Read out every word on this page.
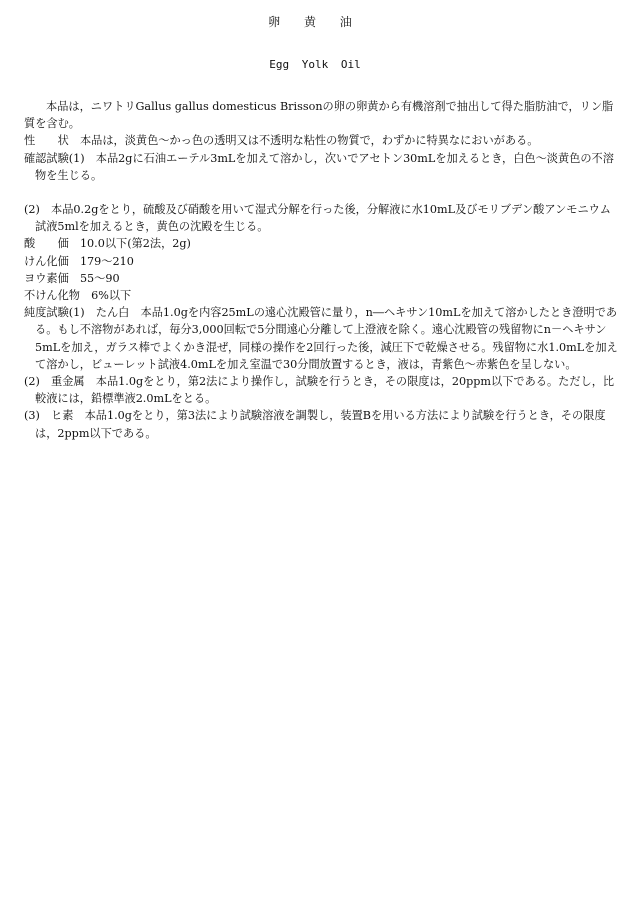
卵 黄 油
Egg Yolk Oil

本品は，ニワトリGallus gallus domesticus Brissonの卵の卵黄から有機溶剤で抽出して得た脂肪油で，リン脂質を含む。

性　　状　 本品は，淡黄色～かっ色の透明又は不透明な粘性の物質で，わずかに特異なにおいがある。

確認試験(1)　本品2gに石油エーテル3mLを加えて溶かし，次いでアセトン30mLを加えるとき，白色～淡黄色の不溶物を生じる。

(2)　本品0.2gをとり，硫酸及び硝酸を用いて湿式分解を行った後，分解液に水10mL及びモリブデン酸アンモニウム試液5mlを加えるとき，黄色の沈殿を生じる。

酸　　価　10.0以下(第2法，2g)

けん化価　179～210

ヨウ素価　55～90

不けん化物　6%以下

純度試験(1)　たん白　本品1.0gを内容25mLの遠心沈殿管に量り，n―ヘキサン10mLを加えて溶かしたとき澄明である。もし不溶物があれば，毎分3,000回転で5分間遠心分離して上澄液を除く。遠心沈殿管の残留物にn－ヘキサン5mLを加え，ガラス棒でよくかき混ぜ，同様の操作を2回行った後，減圧下で乾燥させる。残留物に水1.0mLを加えて溶かし，ビューレット試液4.0mLを加え室温で30分間放置するとき，液は，青紫色～赤紫色を呈しない。

(2)　重金属　本品1.0gをとり，第2法により操作し，試験を行うとき，その限度は，20ppm以下である。ただし，比較液には，鉛標準液2.0mLをとる。

(3)　ヒ素　本品1.0gをとり，第3法により試験溶液を調製し，装置Bを用いる方法により試験を行うとき，その限度は，2ppm以下である。
